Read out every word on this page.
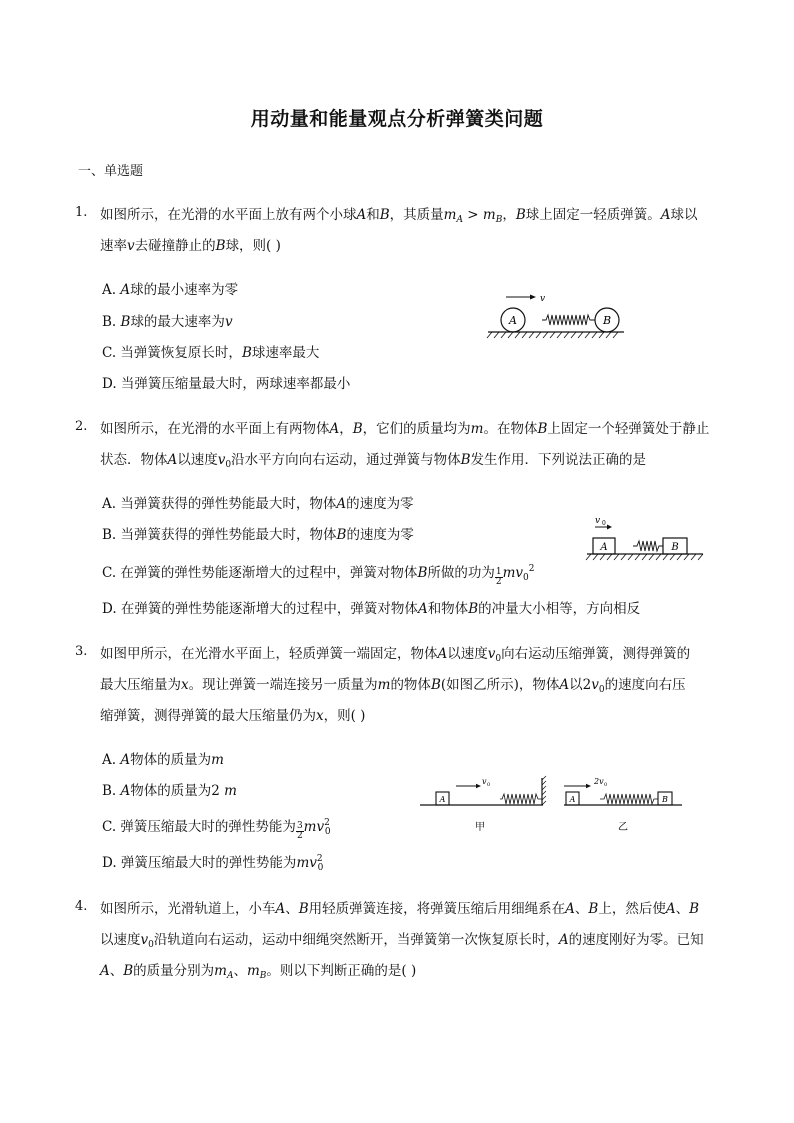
用动量和能量观点分析弹簧类问题
一、单选题
1. 如图所示，在光滑的水平面上放有两个小球A和B，其质量$m_A > m_B$，B球上固定一轻质弹簧。A球以
速率v去碰撞静止的B球，则( )
A. A球的最小速率为零
B. B球的最大速率为v
C. 当弹簧恢复原长时，B球速率最大
D. 当弹簧压缩量最大时，两球速率都最小
A	B
v
2. 如图所示，在光滑的水平面上有两物体A，B，它们的质量均为m。在物体B上固定一个轻弹簧处于静止
状态．物体A以速度$v_0$沿水平方向向右运动，通过弹簧与物体B发生作用．下列说法正确的是
A. 当弹簧获得的弹性势能最大时，物体A的速度为零
B. 当弹簧获得的弹性势能最大时，物体B的速度为零
C. 在弹簧的弹性势能逐渐增大的过程中，弹簧对物体B所做的功为 $\frac{1}{2} mv_0^2$
D. 在弹簧的弹性势能逐渐增大的过程中，弹簧对物体A和物体B的冲量大小相等，方向相反
A	B
v 0
3. 如图甲所示，在光滑水平面上，轻质弹簧一端固定，物体A以速度$v_0$向右运动压缩弹簧，测得弹簧的
最大压缩量为x。现让弹簧一端连接另一质量为m的物体B(如图乙所示)，物体A以$2v_0$的速度向右压
缩弹簧，测得弹簧的最大压缩量仍为x，则( )
A. A物体的质量为m
B. A物体的质量为2 m
C. 弹簧压缩最大时的弹性势能为 $\frac{3}{2} mv^2_0$
D. 弹簧压缩最大时的弹性势能为$mv^2_0$
A
v 0
甲
A	B
2v 0
乙
4. 如图所示，光滑轨道上，小车A、B用轻质弹簧连接，将弹簧压缩后用细绳系在A、B上，然后使A、B
以速度$v_0$沿轨道向右运动，运动中细绳突然断开，当弹簧第一次恢复原长时，A的速度刚好为零。已知
A、B的质量分别为$m_A$、$m_B$。则以下判断正确的是( )
